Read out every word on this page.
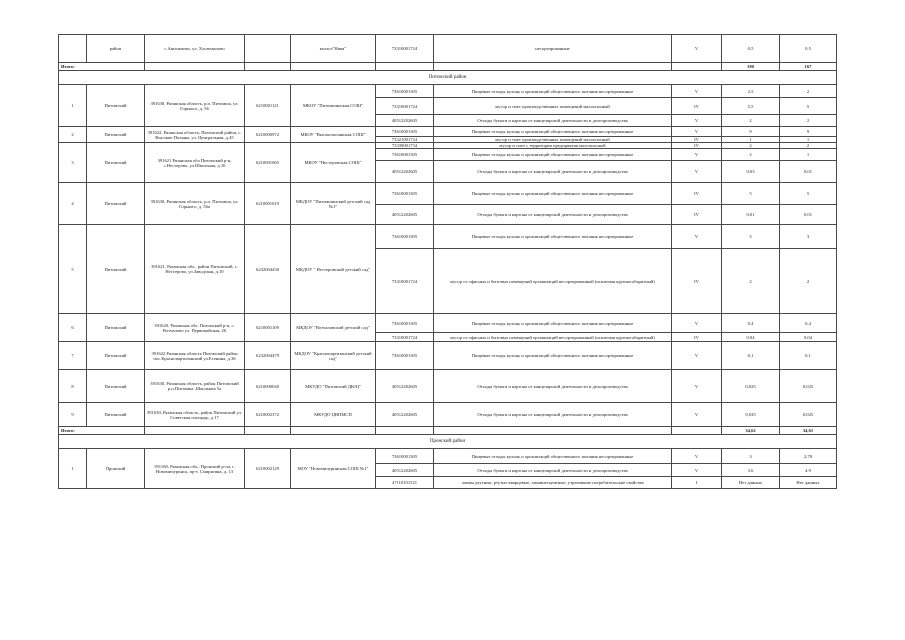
	район	с.Анисимово, ул. Хлоповалово		колхоз"Нива"	73310001724	несортированные	V	0,5	0,5
Итого:								180	167
Питомский район									
1	Питомский	391630, Рязанская область, р.п. Питомша, ул. Горького, д. 56	6210001121	МКОУ "Питомшинская СОШ"	73610001305	Пищевые отходы кухонь и организаций общественного питания несортированные	V	2,5	2
					73310001724	мусор и смет производственных помещений малоопасный	IV	5,5	5
					40512202605	Отходы бумаги и картона от канцелярской деятельности и делопроизводства	V	2	2
2	Питомский	391622, Рязанская область, Питомский район, с. Высокие Поляны, ул. Центральная, д.45	6210000972	МКОУ "Высокополянская СОШ"	73610001305	Пищевые отходы кухонь и организаций общественного питания несортированные	V	9	9
					73321001724	мусор и смет производственных помещений малоопасный	IV	1	1
3	Питомский	391621 Рязанская обл Питомский р-н, с.Нестерово, ул.Школьная, д.10	6210001065	МКОУ "Нестеровская СОШ"	73339001734	мусор и смет с территории предприятия малоопасный	IV	2	2
					73610001305	Пищевые отходы кухонь и организаций общественного питания несортированные	V	2	1
					40512202605	Отходы бумаги и картона от канцелярской деятельности и делопроизводства	V	0,03	0,01
4	Питомский	391630, Рязанская область, р.п. Питомша, ул. Горького, д. 56а	6210001019	МКДОУ "Питомшинский детский сад №1"	73610001305	Пищевые отходы кухонь и организаций общественного питания несортированные	IV	5	5
					40512202605	Отходы бумаги и картона от канцелярской деятельности и делопроизводства	IV	0,01	0,01
5	Питомский	391621, Рязанская обл., район Питомский, с. Нестерово, ул.Заводская, д.10	6232004430	МКДОУ " Нестеровский детский сад"	73610001305	Пищевые отходы кухонь и организаций общественного питания несортированные	V	5	3
					73310001724	мусор от офисных и бытовых помещений организаций несортированный (исключая крупногабаритный)	IV	2	2
6	Питомский	391620, Рязанская обл. Питомский р-н, с. Вотчалово ул. Первомайская, 26	6210001109	МКДОУ "Вотчаловский детский сад"	73610001305	Пищевые отходы кухонь и организаций общественного питания несортированные	V	0,4	0,4
					73310001724	мусор от офисных и бытовых помещений организаций несортированный (исключая крупногабаритный)	IV	0,04	0,04
7	Питомский	391622 Рязанская область Питомский район пос.Краснопартизанский ул.Есенина, д.36	6232004479	МКДОУ "Краснопартизанский детский сад"	73610001305	Пищевые отходы кухонь и организаций общественного питания несортированные	V	0,1	0,1
8	Питомский	391630, Рязанская область, район Питомский р.п.Питомша ,Школьная 5а	6210000040	МКУДО "Питомский ДЮЦ"	40512202605	Отходы бумаги и картона от канцелярской деятельности и делопроизводства	V	0,025	0,025
9	Питомский	391630, Рязанская область, район Питомский ул. Советская площадь, д.17	6210002372	МКУДО ЦВПМСП	40512202605	Отходы бумаги и картона от канцелярской деятельности и делопроизводства	V	0,025	0,025
Итого:								34,62	34,61
Пронский район									
1	Пронский	391160, Рязанская обл., Пронский р-он, г. Новомичуринск, пр-т. Смирягина, д. 13	6210002129	МОУ "Новомичуринская СОШ №1"	73610001305	Пищевые отходы кухонь и организаций общественного питания несортированные	V	3	2,78
					40512202605	Отходы бумаги и картона от канцелярской деятельности и делопроизводства	V	3,6	4,9
					47110101521	лампы ртутные, ртутно-кварцевые, люминесцентные, утратившие потребительские свойства	I	Нет данных	Нет данных
